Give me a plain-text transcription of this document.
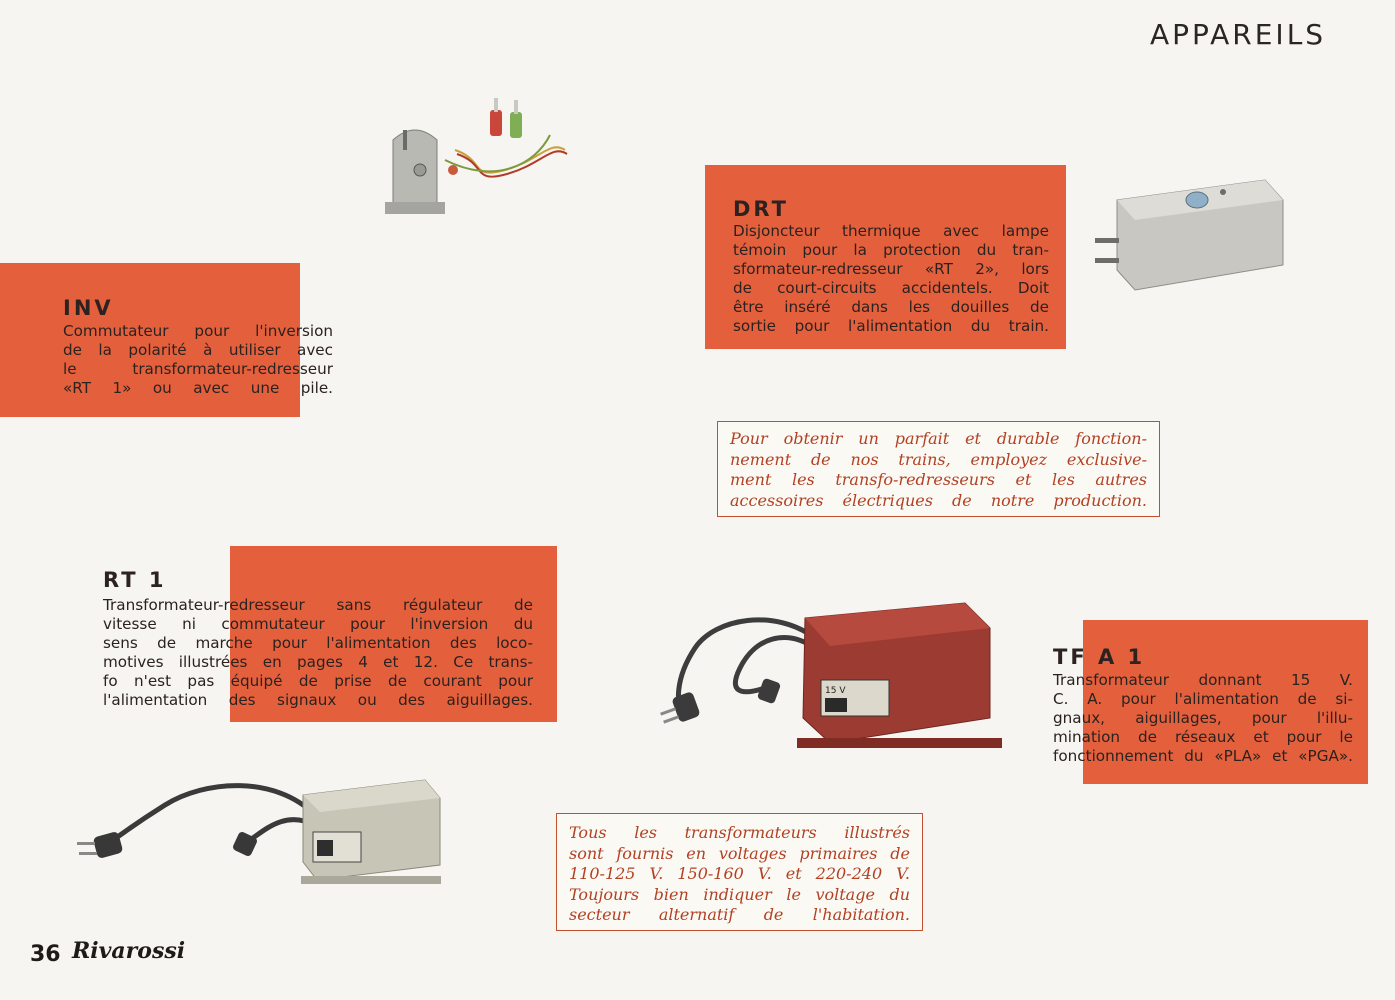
APPAREILS
INV
Commutateur pour l'inversion
de la polarité à utiliser avec
le transformateur-redresseur
«RT 1» ou avec une pile.
DRT
Disjoncteur thermique avec lampe
témoin pour la protection du tran-
sformateur-redresseur «RT 2», lors
de court-circuits accidentels. Doit
être inséré dans les douilles de
sortie pour l'alimentation du train.
Pour obtenir un parfait et durable fonction-
nement de nos trains, employez exclusive-
ment les transfo-redresseurs et les autres
accessoires électriques de notre production.
RT 1
Transformateur-redresseur sans régulateur de
vitesse ni commutateur pour l'inversion du
sens de marche pour l'alimentation des loco-
motives illustrées en pages 4 et 12. Ce trans-
fo n'est pas équipé de prise de courant pour
l'alimentation des signaux ou des aiguillages.	15 V
TF A 1
Transformateur donnant 15 V.
C. A. pour l'alimentation de si-
gnaux, aiguillages, pour l'illu-
mination de réseaux et pour le
fonctionnement du «PLA» et «PGA».
Tous les transformateurs illustrés
sont fournis en voltages primaires de
110-125 V. 150-160 V. et 220-240 V.
Toujours bien indiquer le voltage du
secteur alternatif de l'habitation.
36 Rivarossi
